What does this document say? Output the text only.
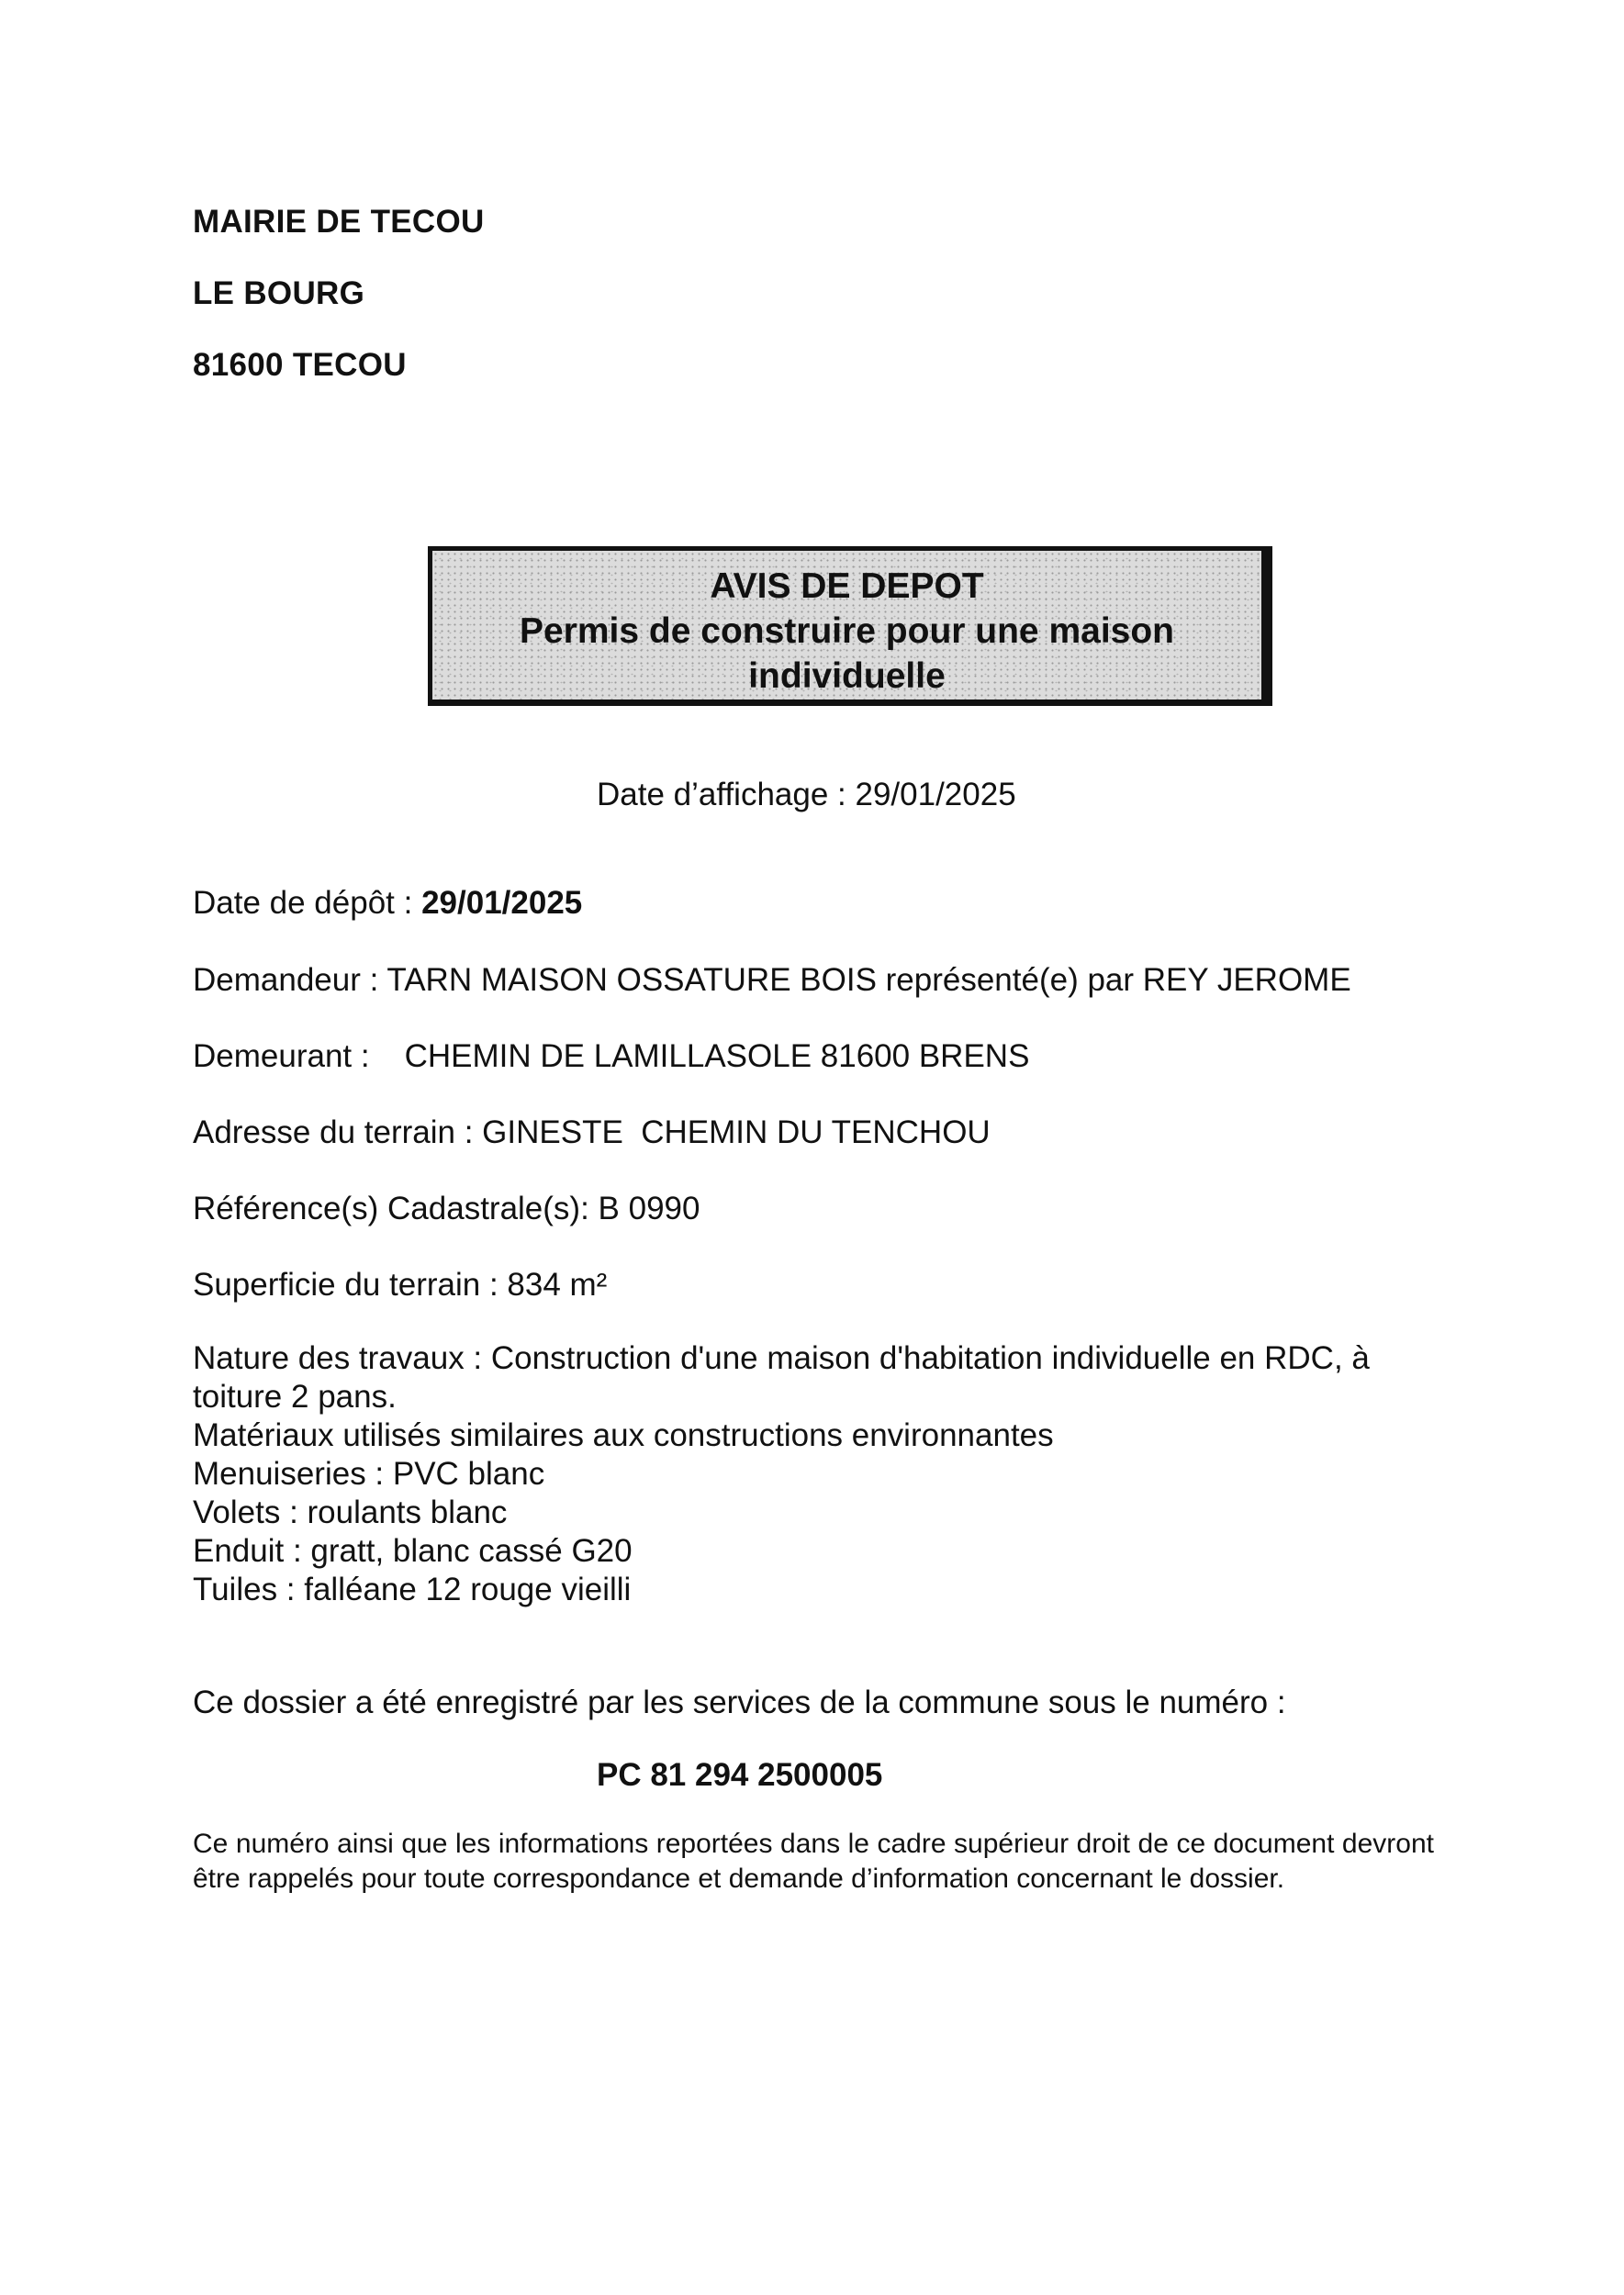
MAIRIE DE TECOU
LE BOURG
81600 TECOU
AVIS DE DEPOT
Permis de construire pour une maison
individuelle
Date d’affichage : 29/01/2025
Date de dépôt : 29/01/2025
Demandeur : TARN MAISON OSSATURE BOIS représenté(e) par REY JEROME
Demeurant : CHEMIN DE LAMILLASOLE 81600 BRENS
Adresse du terrain : GINESTE  CHEMIN DU TENCHOU
Référence(s) Cadastrale(s): B 0990
Superficie du terrain : 834 m²
Nature des travaux : Construction d'une maison d'habitation individuelle en RDC, à
toiture 2 pans.
Matériaux utilisés similaires aux constructions environnantes
Menuiseries : PVC blanc
Volets : roulants blanc
Enduit : gratt, blanc cassé G20
Tuiles : falléane 12 rouge vieilli
Ce dossier a été enregistré par les services de la commune sous le numéro :
PC 81 294 2500005
Ce numéro ainsi que les informations reportées dans le cadre supérieur droit de ce document devront être rappelés pour toute correspondance et demande d’information concernant le dossier.
